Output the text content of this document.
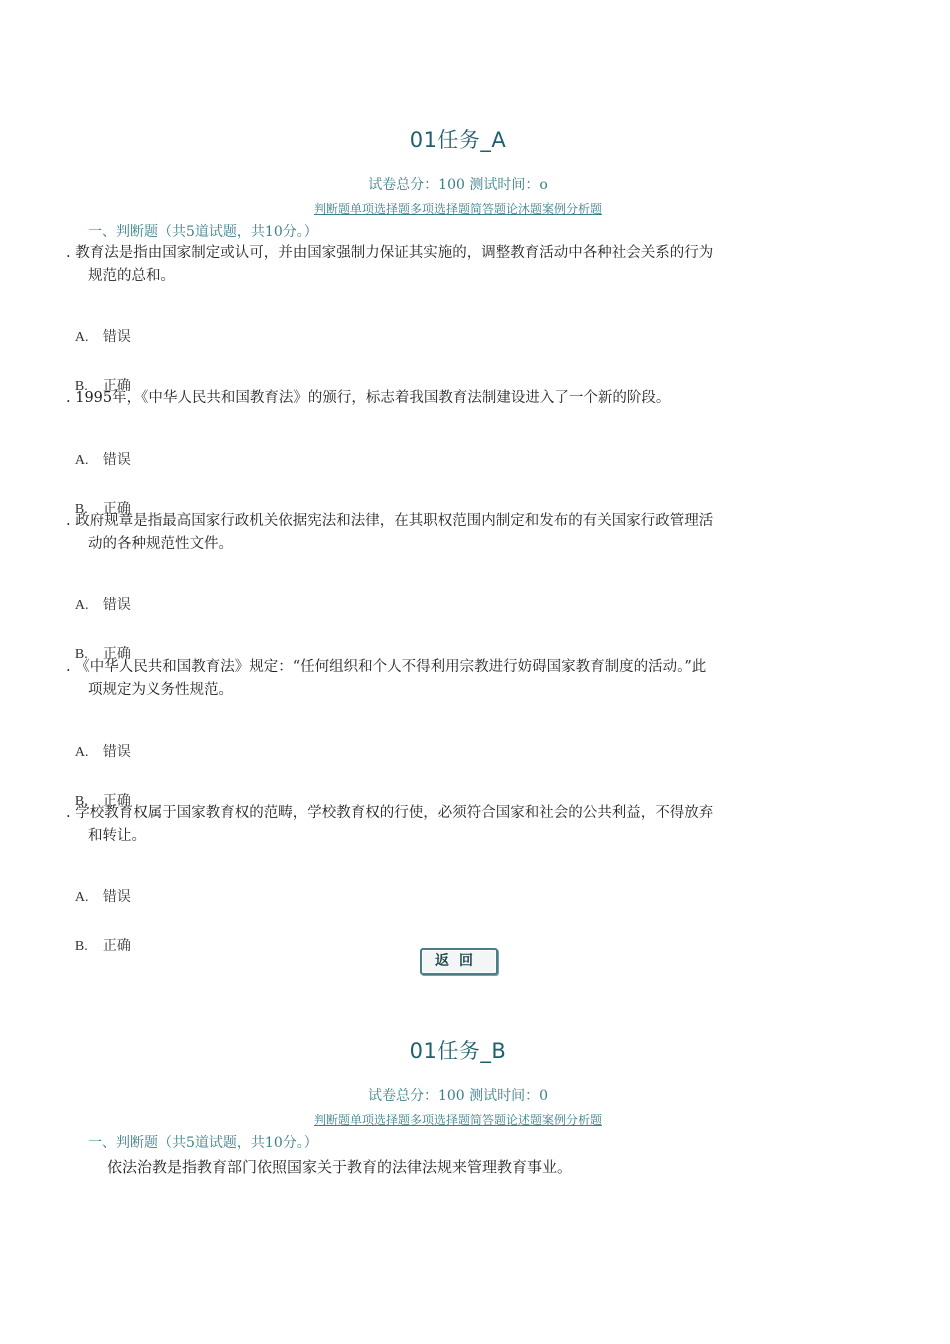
01任务_A
试卷总分：100 测试时间：o
判断题单项选择题多项选择题简答题论沐题案例分析题
一、判断题（共5道试题，共10分。）
. 教育法是指由国家制定或认可，并由国家强制力保证其实施的，调整教育活动中各种社会关系的行为
规范的总和。

A. 错误

B. 正确

. 1995年，《中华人民共和国教育法》的颁行，标志着我国教育法制建设进入了一个新的阶段。

A. 错误

B. 正确

. 政府规章是指最高国家行政机关依据宪法和法律，在其职权范围内制定和发布的有关国家行政管理活
动的各种规范性文件。

A. 错误

B. 正确

. 《中华人民共和国教育法》规定：“任何组织和个人不得利用宗教进行妨碍国家教育制度的活动。”此
项规定为义务性规范。

A. 错误

B. 正确

. 学校教育权属于国家教育权的范畴，学校教育权的行使，必须符合国家和社会的公共利益，不得放弃
和转让。

A. 错误

B. 正确

返回
01任务_B
试卷总分：100 测试时间：0
判断题单项选择题多项选择题简答题论述题案例分析题
一、判断题（共5道试题，共10分。）
依法治教是指教育部门依照国家关于教育的法律法规来管理教育事业。
